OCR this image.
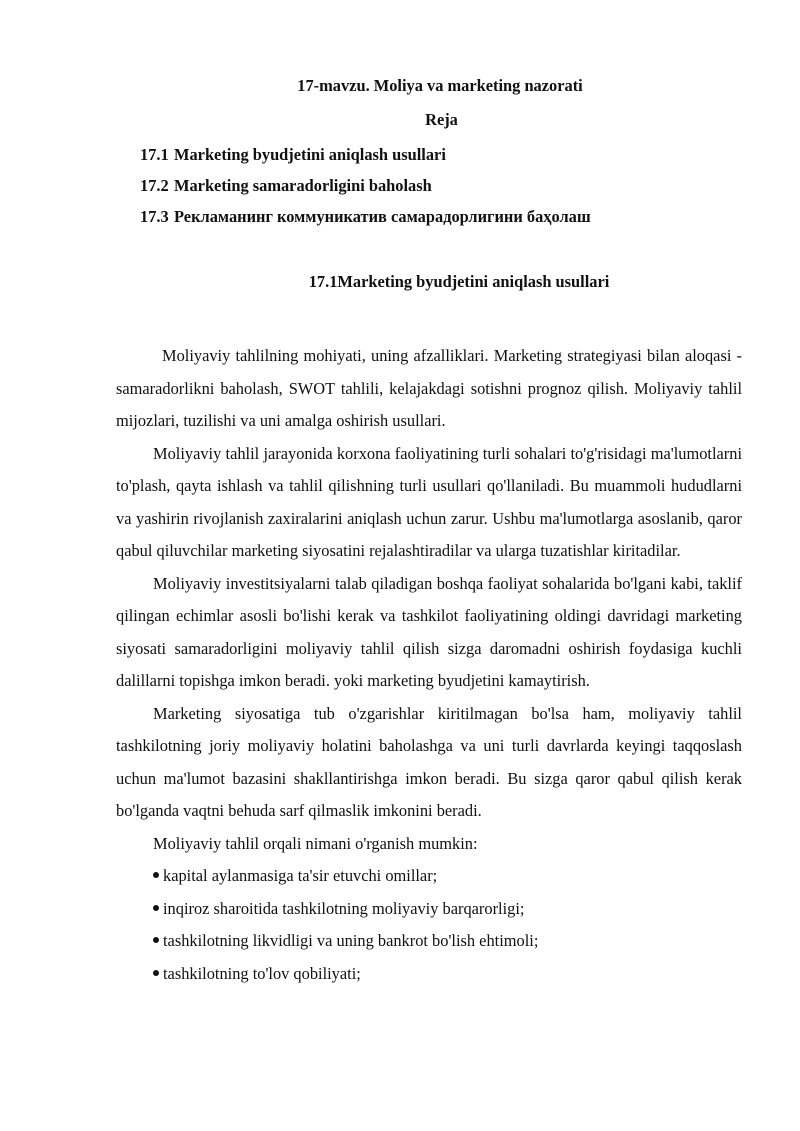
17-mavzu. Moliya va marketing nazorati
Reja
17.1 Marketing byudjetini aniqlash usullari
17.2 Marketing samaradorligini baholash
17.3 Рекламанинг коммуникатив самарадорлигини баҳолаш
17.1Marketing byudjetini aniqlash usullari

Moliyaviy tahlilning mohiyati, uning afzalliklari. Marketing strategiyasi bilan aloqasi - samaradorlikni baholash, SWOT tahlili, kelajakdagi sotishni prognoz qilish. Moliyaviy tahlil mijozlari, tuzilishi va uni amalga oshirish usullari.

Moliyaviy tahlil jarayonida korxona faoliyatining turli sohalari to'g'risidagi ma'lumotlarni to'plash, qayta ishlash va tahlil qilishning turli usullari qo'llaniladi. Bu muammoli hududlarni va yashirin rivojlanish zaxiralarini aniqlash uchun zarur. Ushbu ma'lumotlarga asoslanib, qaror qabul qiluvchilar marketing siyosatini rejalashtiradilar va ularga tuzatishlar kiritadilar.

Moliyaviy investitsiyalarni talab qiladigan boshqa faoliyat sohalarida bo'lgani kabi, taklif qilingan echimlar asosli bo'lishi kerak va tashkilot faoliyatining oldingi davridagi marketing siyosati samaradorligini moliyaviy tahlil qilish sizga daromadni oshirish foydasiga kuchli dalillarni topishga imkon beradi. yoki marketing byudjetini kamaytirish.

Marketing siyosatiga tub o'zgarishlar kiritilmagan bo'lsa ham, moliyaviy tahlil tashkilotning joriy moliyaviy holatini baholashga va uni turli davrlarda keyingi taqqoslash uchun ma'lumot bazasini shakllantirishga imkon beradi. Bu sizga qaror qabul qilish kerak bo'lganda vaqtni behuda sarf qilmaslik imkonini beradi.

Moliyaviy tahlil orqali nimani o'rganish mumkin:

kapital aylanmasiga ta'sir etuvchi omillar;
inqiroz sharoitida tashkilotning moliyaviy barqarorligi;
tashkilotning likvidligi va uning bankrot bo'lish ehtimoli;
tashkilotning to'lov qobiliyati;
